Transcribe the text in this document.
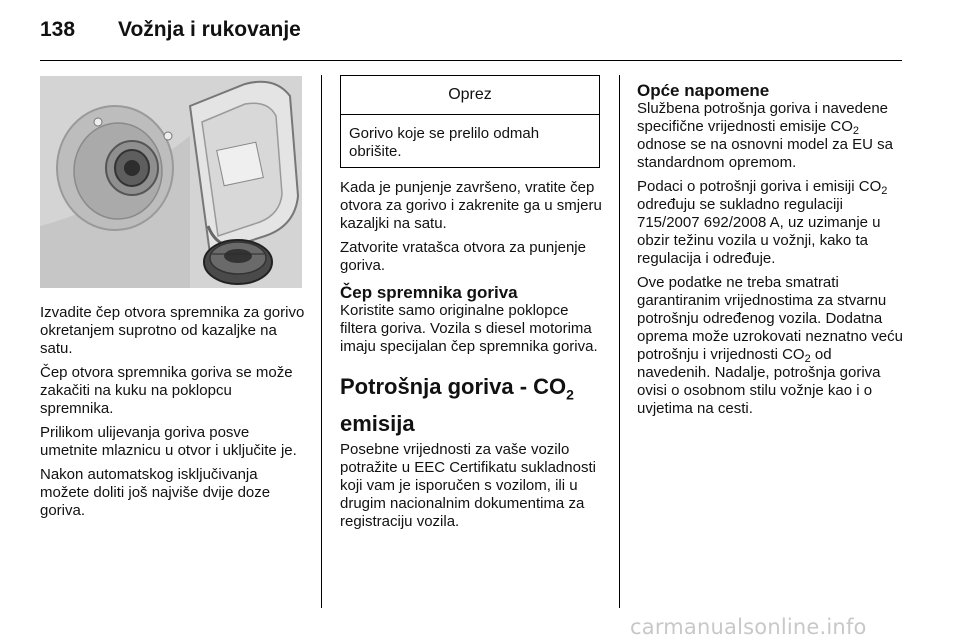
138 Vožnja i rukovanje

Izvadite čep otvora spremnika za gorivo okretanjem suprotno od kazaljke na satu.

Čep otvora spremnika goriva se može zakačiti na kuku na poklopcu spremnika.

Prilikom ulijevanja goriva posve umetnite mlaznicu u otvor i uključite je.

Nakon automatskog isključivanja možete doliti još najviše dvije doze goriva.

Oprez
Gorivo koje se prelilo odmah obrišite.

Kada je punjenje završeno, vratite čep otvora za gorivo i zakrenite ga u smjeru kazaljki na satu.

Zatvorite vratašca otvora za punjenje goriva.

Čep spremnika goriva

Koristite samo originalne poklopce filtera goriva. Vozila s diesel motorima imaju specijalan čep spremnika goriva.

Potrošnja goriva - $CO_2$
emisija

Posebne vrijednosti za vaše vozilo potražite u EEC Certifikatu sukladnosti koji vam je isporučen s vozilom, ili u drugim nacionalnim dokumentima za registraciju vozila.

Opće napomene

Službena potrošnja goriva i navedene specifične vrijednosti emisije $CO_2$ odnose se na osnovni model za EU sa standardnom opremom.

Podaci o potrošnji goriva i emisiji $CO_2$ određuju se sukladno regulaciji 715/2007 692/2008 A, uz uzimanje u obzir težinu vozila u vožnji, kako ta regulacija i određuje.

Ove podatke ne treba smatrati garantiranim vrijednostima za stvarnu potrošnju određenog vozila. Dodatna oprema može uzrokovati neznatno veću potrošnju i vrijednosti $CO_2$ od navedenih. Nadalje, potrošnja goriva ovisi o osobnom stilu vožnje kao i o uvjetima na cesti.

carmanualsonline.info
